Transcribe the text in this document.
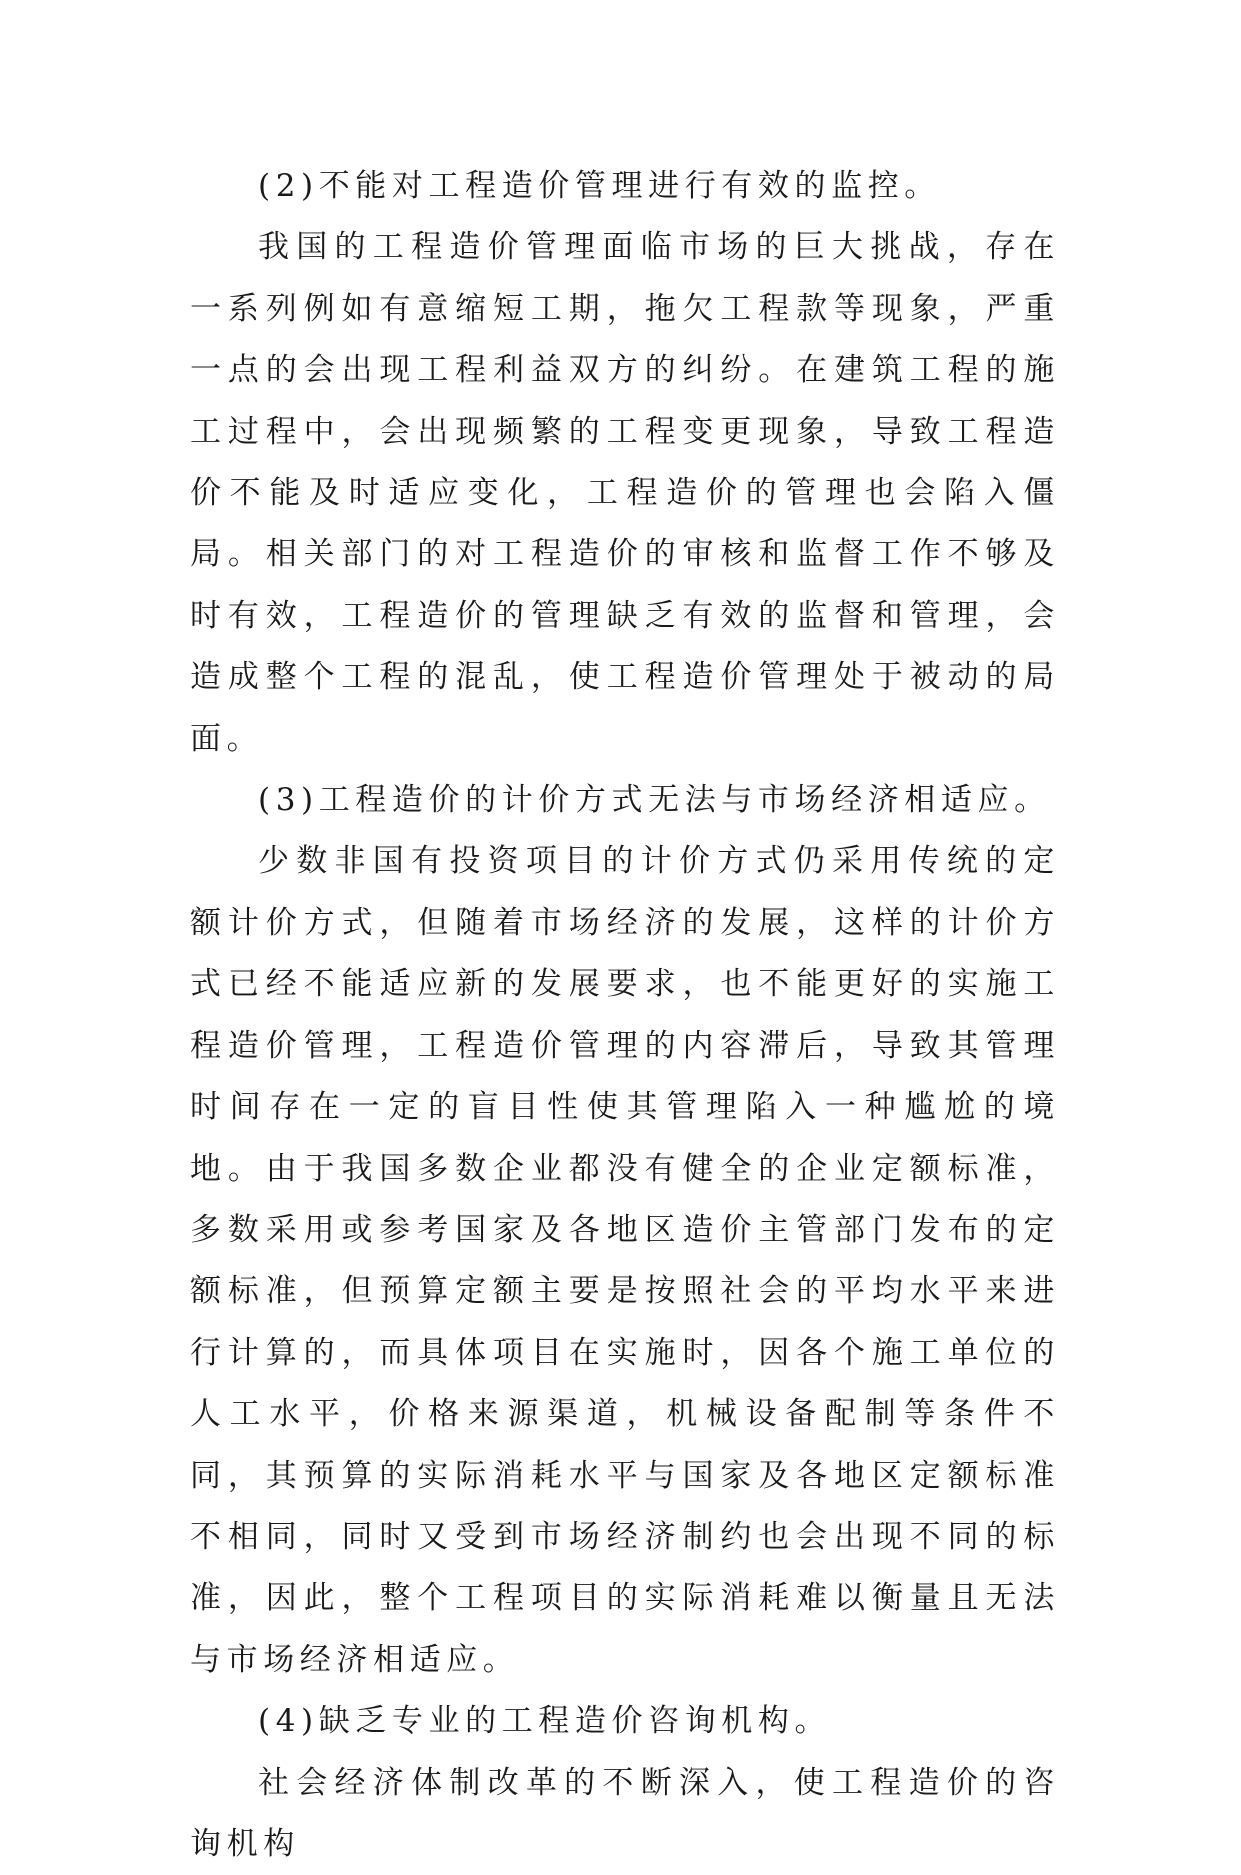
(2)不能对工程造价管理进行有效的监控。

我国的工程造价管理面临市场的巨大挑战，存在一系列例如有意缩短工期，拖欠工程款等现象，严重一点的会出现工程利益双方的纠纷。在建筑工程的施工过程中，会出现频繁的工程变更现象，导致工程造价不能及时适应变化，工程造价的管理也会陷入僵局。相关部门的对工程造价的审核和监督工作不够及时有效，工程造价的管理缺乏有效的监督和管理，会造成整个工程的混乱，使工程造价管理处于被动的局面。

(3)工程造价的计价方式无法与市场经济相适应。

少数非国有投资项目的计价方式仍采用传统的定额计价方式，但随着市场经济的发展，这样的计价方式已经不能适应新的发展要求，也不能更好的实施工程造价管理，工程造价管理的内容滞后，导致其管理时间存在一定的盲目性使其管理陷入一种尴尬的境地。由于我国多数企业都没有健全的企业定额标准，多数采用或参考国家及各地区造价主管部门发布的定额标准，但预算定额主要是按照社会的平均水平来进行计算的，而具体项目在实施时，因各个施工单位的人工水平，价格来源渠道，机械设备配制等条件不同，其预算的实际消耗水平与国家及各地区定额标准不相同，同时又受到市场经济制约也会出现不同的标准，因此，整个工程项目的实际消耗难以衡量且无法与市场经济相适应。

(4)缺乏专业的工程造价咨询机构。

社会经济体制改革的不断深入，使工程造价的咨询机构
